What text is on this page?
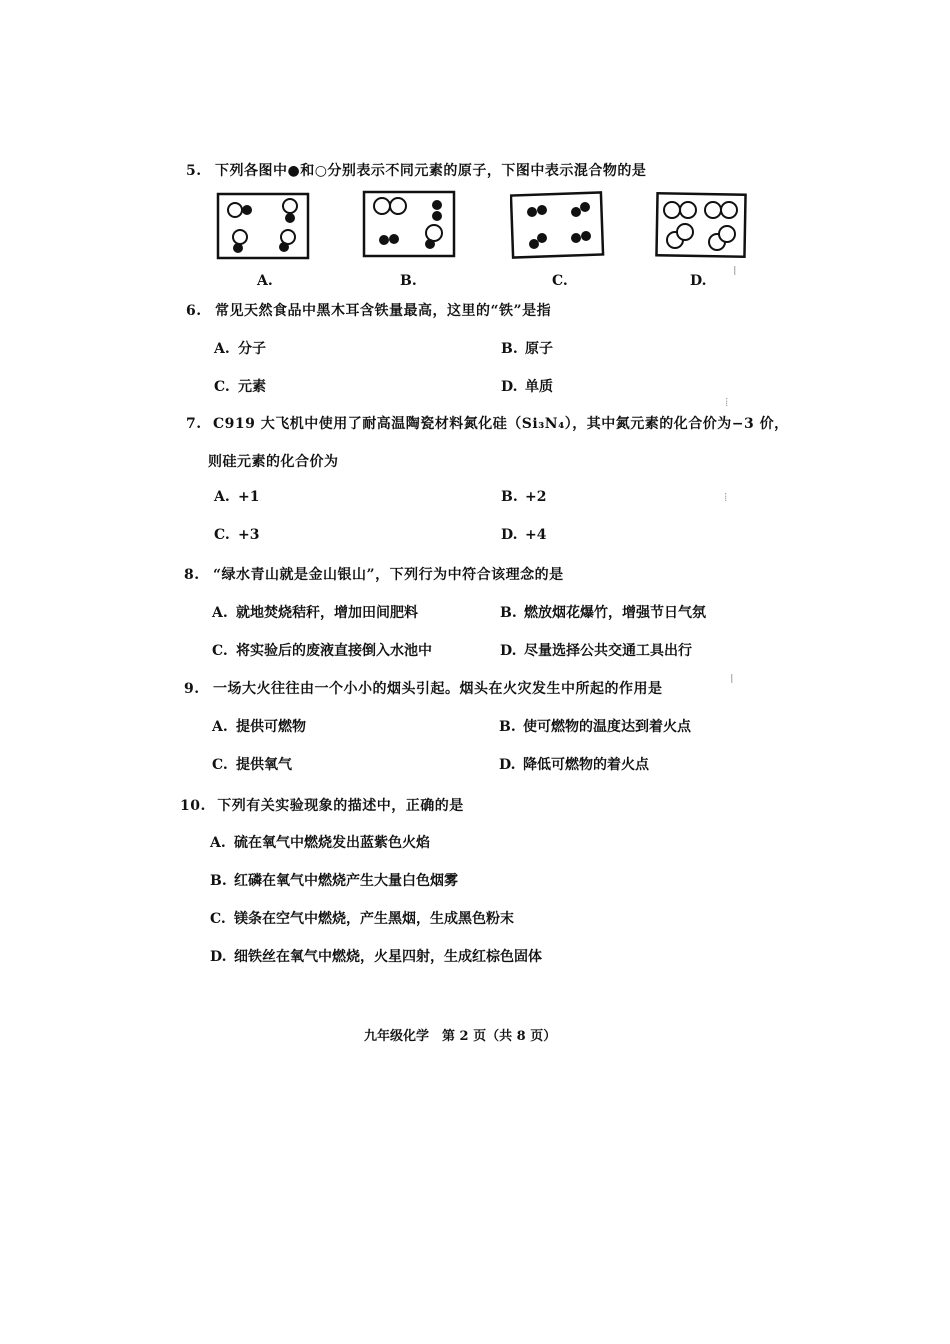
5. 下列各图中●和○分别表示不同元素的原子，下图中表示混合物的是
A.	B.	C.	D.
6. 常见天然食品中黑木耳含铁量最高，这里的“铁”是指
A. 分子	B. 原子
C. 元素	D. 单质
7. C919 大飞机中使用了耐高温陶瓷材料氮化硅（Si₃N₄），其中氮元素的化合价为−3 价，
则硅元素的化合价为
A. +1	B. +2
C. +3	D. +4
8. “绿水青山就是金山银山”，下列行为中符合该理念的是
A. 就地焚烧秸秆，增加田间肥料	B. 燃放烟花爆竹，增强节日气氛
C. 将实验后的废液直接倒入水池中	D. 尽量选择公共交通工具出行
9. 一场大火往往由一个小小的烟头引起。烟头在火灾发生中所起的作用是
A. 提供可燃物	B. 使可燃物的温度达到着火点
C. 提供氧气	D. 降低可燃物的着火点
10. 下列有关实验现象的描述中，正确的是
A. 硫在氧气中燃烧发出蓝紫色火焰
B. 红磷在氧气中燃烧产生大量白色烟雾
C. 镁条在空气中燃烧，产生黑烟，生成黑色粉末
D. 细铁丝在氧气中燃烧，火星四射，生成红棕色固体
ǀ
⁞
⁞
ǀ
九年级化学　第 2 页（共 8 页）
